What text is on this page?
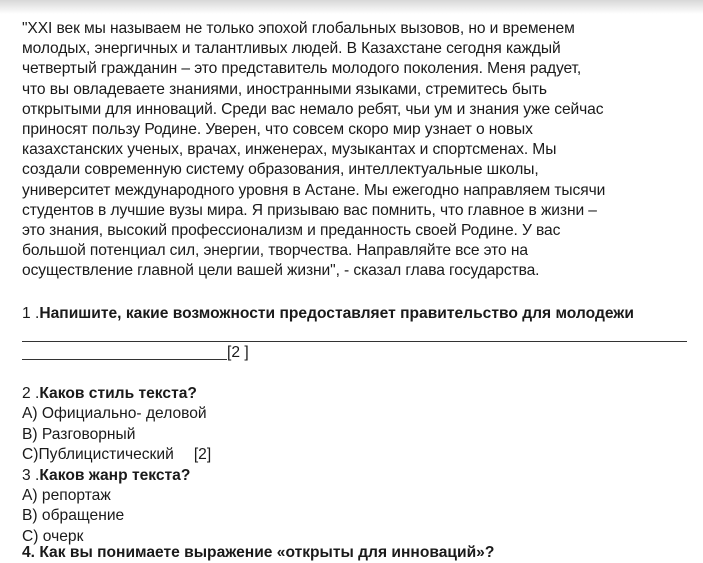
"XXI век мы называем не только эпохой глобальных вызовов, но и временем
молодых, энергичных и талантливых людей. В Казахстане сегодня каждый
четвертый гражданин – это представитель молодого поколения. Меня радует,
что вы овладеваете знаниями, иностранными языками, стремитесь быть
открытыми для инноваций. Среди вас немало ребят, чьи ум и знания уже сейчас
приносят пользу Родине. Уверен, что совсем скоро мир узнает о новых
казахстанских ученых, врачах, инженерах, музыкантах и спортсменах. Мы
создали современную систему образования, интеллектуальные школы,
университет международного уровня в Астане. Мы ежегодно направляем тысячи
студентов в лучшие вузы мира. Я призываю вас помнить, что главное в жизни –
это знания, высокий профессионализм и преданность своей Родине. У вас
большой потенциал сил, энергии, творчества. Направляйте все это на
осуществление главной цели вашей жизни", - сказал глава государства.
1 .Напишите, какие возможности предоставляет правительство для молодежи
[2 ]
2 .Каков стиль текста?
А) Официально- деловой
В) Разговорный
С)Публицистический [2]
3 .Каков жанр текста?
А) репортаж
В) обращение
С) очерк
4. Как вы понимаете выражение «открыты для инноваций»?
